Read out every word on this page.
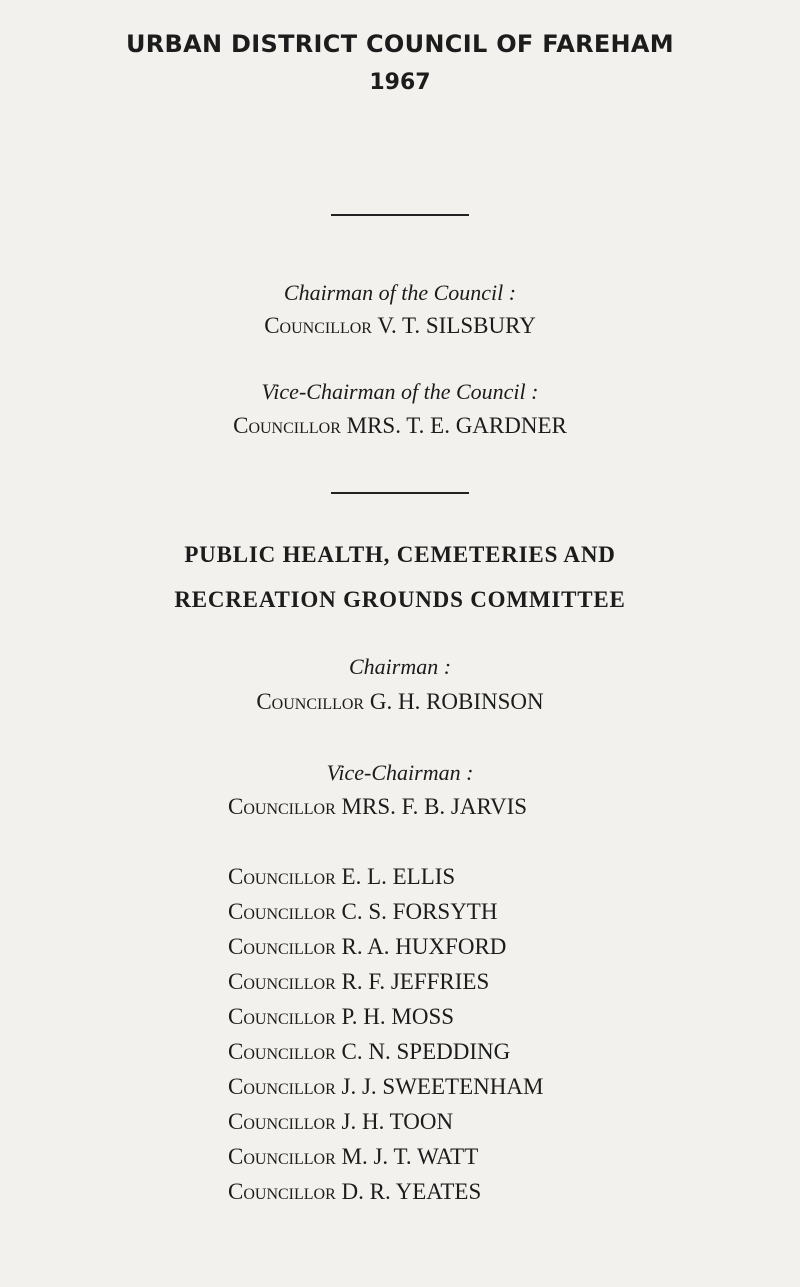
URBAN DISTRICT COUNCIL OF FAREHAM
1967
Chairman of the Council :
Councillor V. T. SILSBURY
Vice-Chairman of the Council :
Councillor MRS. T. E. GARDNER
PUBLIC HEALTH, CEMETERIES AND
RECREATION GROUNDS COMMITTEE
Chairman :
Councillor G. H. ROBINSON
Vice-Chairman :
Councillor MRS. F. B. JARVIS
Councillor E. L. ELLIS
Councillor C. S. FORSYTH
Councillor R. A. HUXFORD
Councillor R. F. JEFFRIES
Councillor P. H. MOSS
Councillor C. N. SPEDDING
Councillor J. J. SWEETENHAM
Councillor J. H. TOON
Councillor M. J. T. WATT
Councillor D. R. YEATES
